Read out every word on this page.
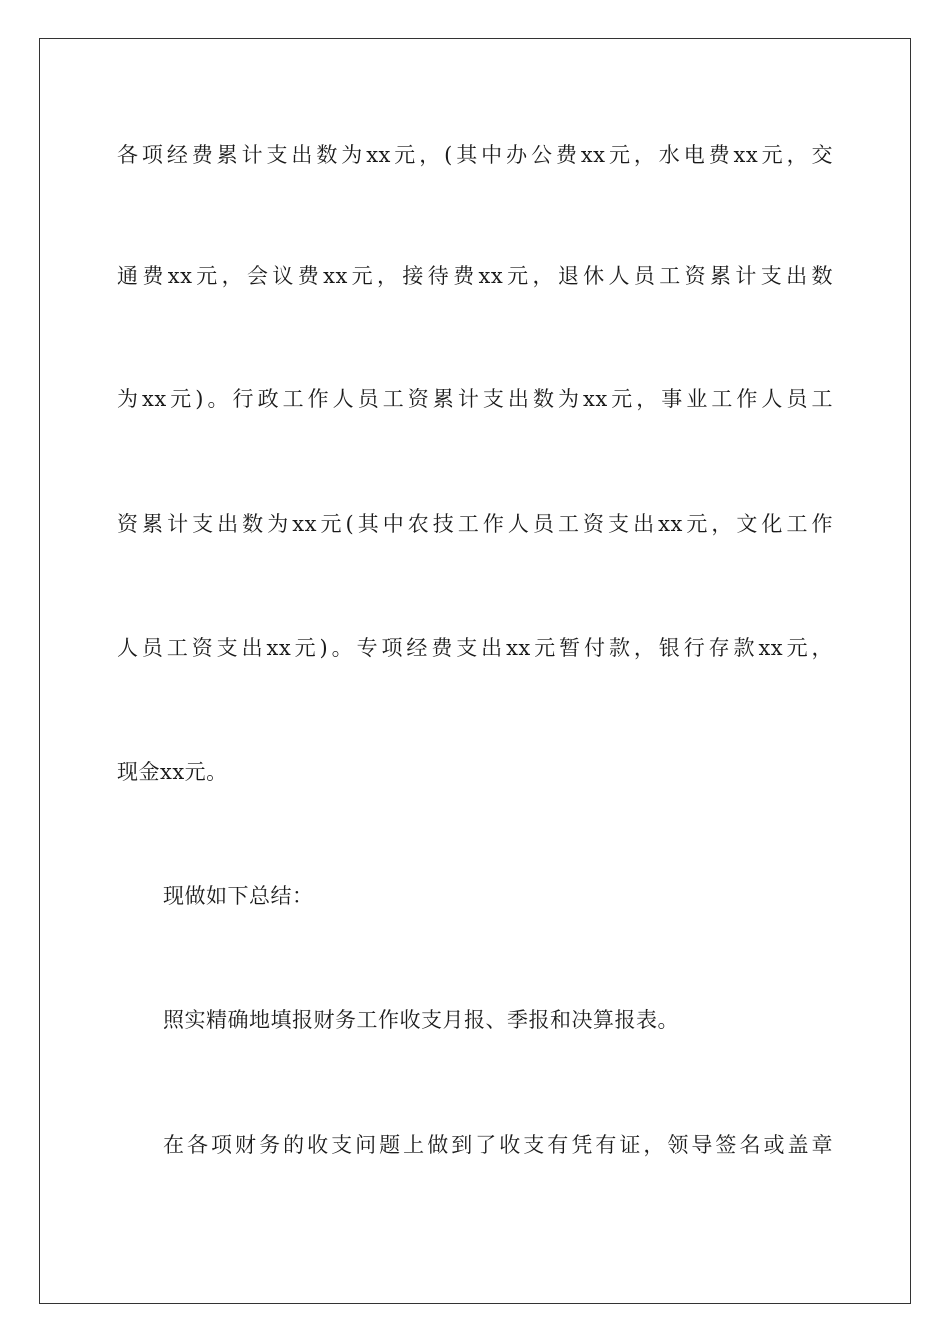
各项经费累计支出数为xx元，(其中办公费xx元，水电费xx元，交
通费xx元，会议费xx元，接待费xx元，退休人员工资累计支出数
为xx元)。行政工作人员工资累计支出数为xx元，事业工作人员工
资累计支出数为xx元(其中农技工作人员工资支出xx元，文化工作
人员工资支出xx元)。专项经费支出xx元暂付款，银行存款xx元，
现金xx元。
现做如下总结：
照实精确地填报财务工作收支月报、季报和决算报表。
在各项财务的收支问题上做到了收支有凭有证，领导签名或盖章
